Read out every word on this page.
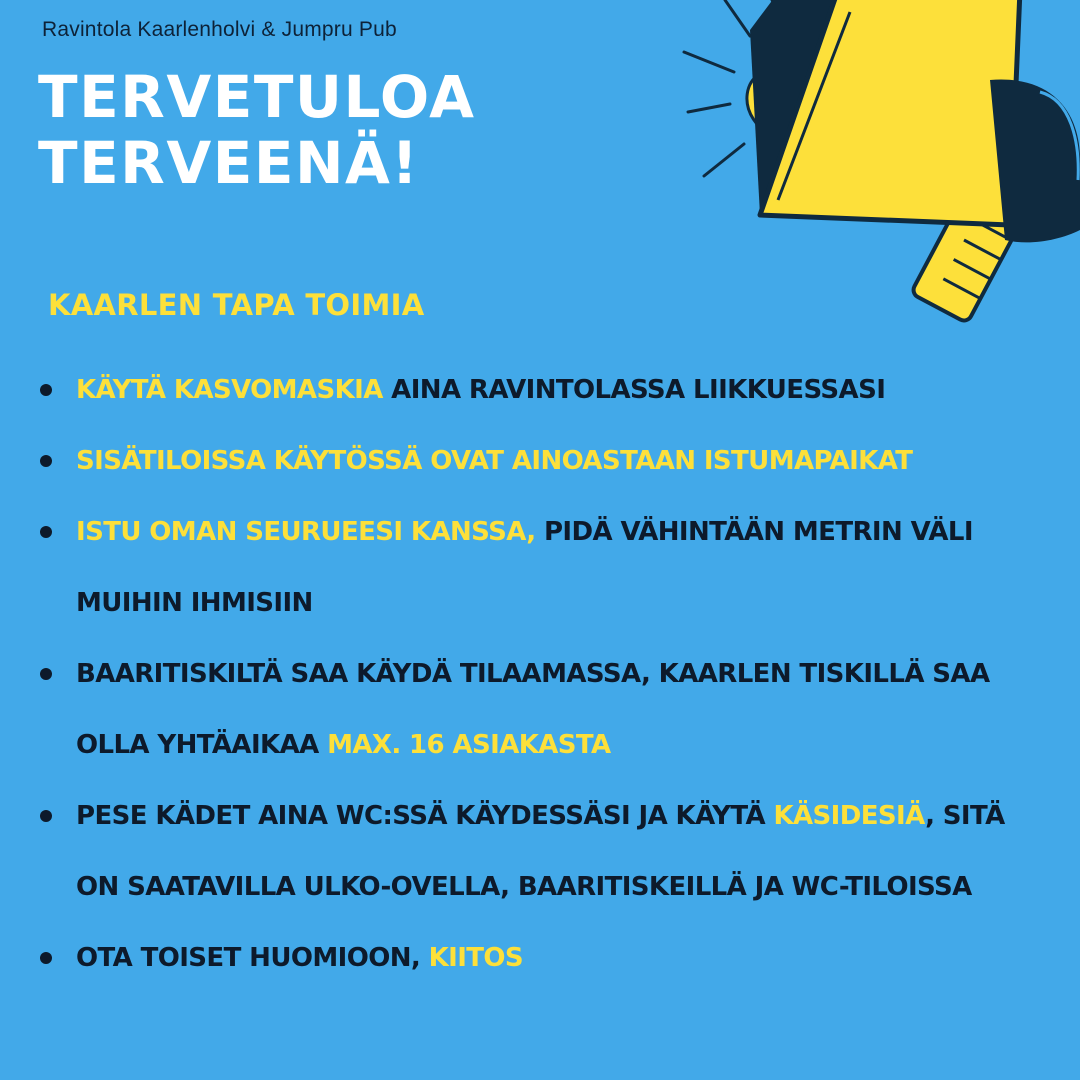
Ravintola Kaarlenholvi & Jumpru Pub
TERVETULOA
TERVEENÄ!
KAARLEN TAPA TOIMIA
KÄYTÄ KASVOMASKIA AINA RAVINTOLASSA LIIKKUESSASI
SISÄTILOISSA KÄYTÖSSÄ OVAT AINOASTAAN ISTUMAPAIKAT
ISTU OMAN SEURUEESI KANSSA, PIDÄ VÄHINTÄÄN METRIN VÄLI MUIHIN IHMISIIN
BAARITISKILTÄ SAA KÄYDÄ TILAAMASSA, KAARLEN TISKILLÄ SAA OLLA YHTÄAIKAA MAX. 16 ASIAKASTA
PESE KÄDET AINA WC:SSÄ KÄYDESSÄSI JA KÄYTÄ KÄSIDESIÄ, SITÄ ON SAATAVILLA ULKO-OVELLA, BAARITISKEILLÄ JA WC-TILOISSA
OTA TOISET HUOMIOON, KIITOS
